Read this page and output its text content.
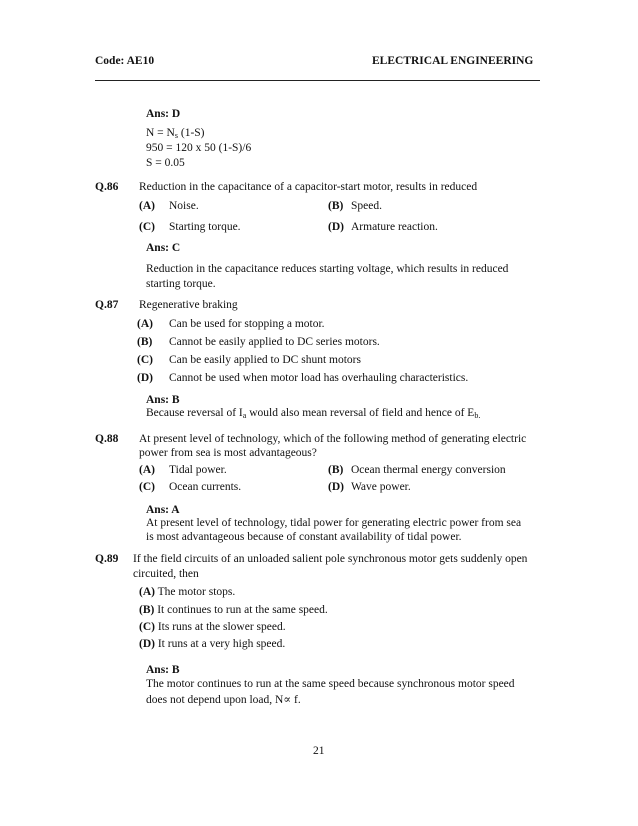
Code: AE10	ELECTRICAL ENGINEERING
Ans: D
$N = N_s$ (1-S)
950 = 120 x 50 (1-S)/6
S = 0.05
Q.86 Reduction in the capacitance of a capacitor-start motor, results in reduced
(A) Noise.	(B) Speed.
(C) Starting torque.	(D) Armature reaction.
Ans: C
Reduction in the capacitance reduces starting voltage, which results in reduced
starting torque.
Q.87 Regenerative braking
(A) Can be used for stopping a motor.
(B) Cannot be easily applied to DC series motors.
(C) Can be easily applied to DC shunt motors
(D) Cannot be used when motor load has overhauling characteristics.
Ans: B
Because reversal of $I_a$ would also mean reversal of field and hence of $E_{b.}$
Q.88 At present level of technology, which of the following method of generating electric
power from sea is most advantageous?
(A) Tidal power.	(B) Ocean thermal energy conversion
(C) Ocean currents.	(D) Wave power.
Ans: A
At present level of technology, tidal power for generating electric power from sea
is most advantageous because of constant availability of tidal power.
Q.89 If the field circuits of an unloaded salient pole synchronous motor gets suddenly open
circuited, then
(A) The motor stops.
(B) It continues to run at the same speed.
(C) Its runs at the slower speed.
(D) It runs at a very high speed.
Ans: B
The motor continues to run at the same speed because synchronous motor speed
does not depend upon load, N∝ f.
21
